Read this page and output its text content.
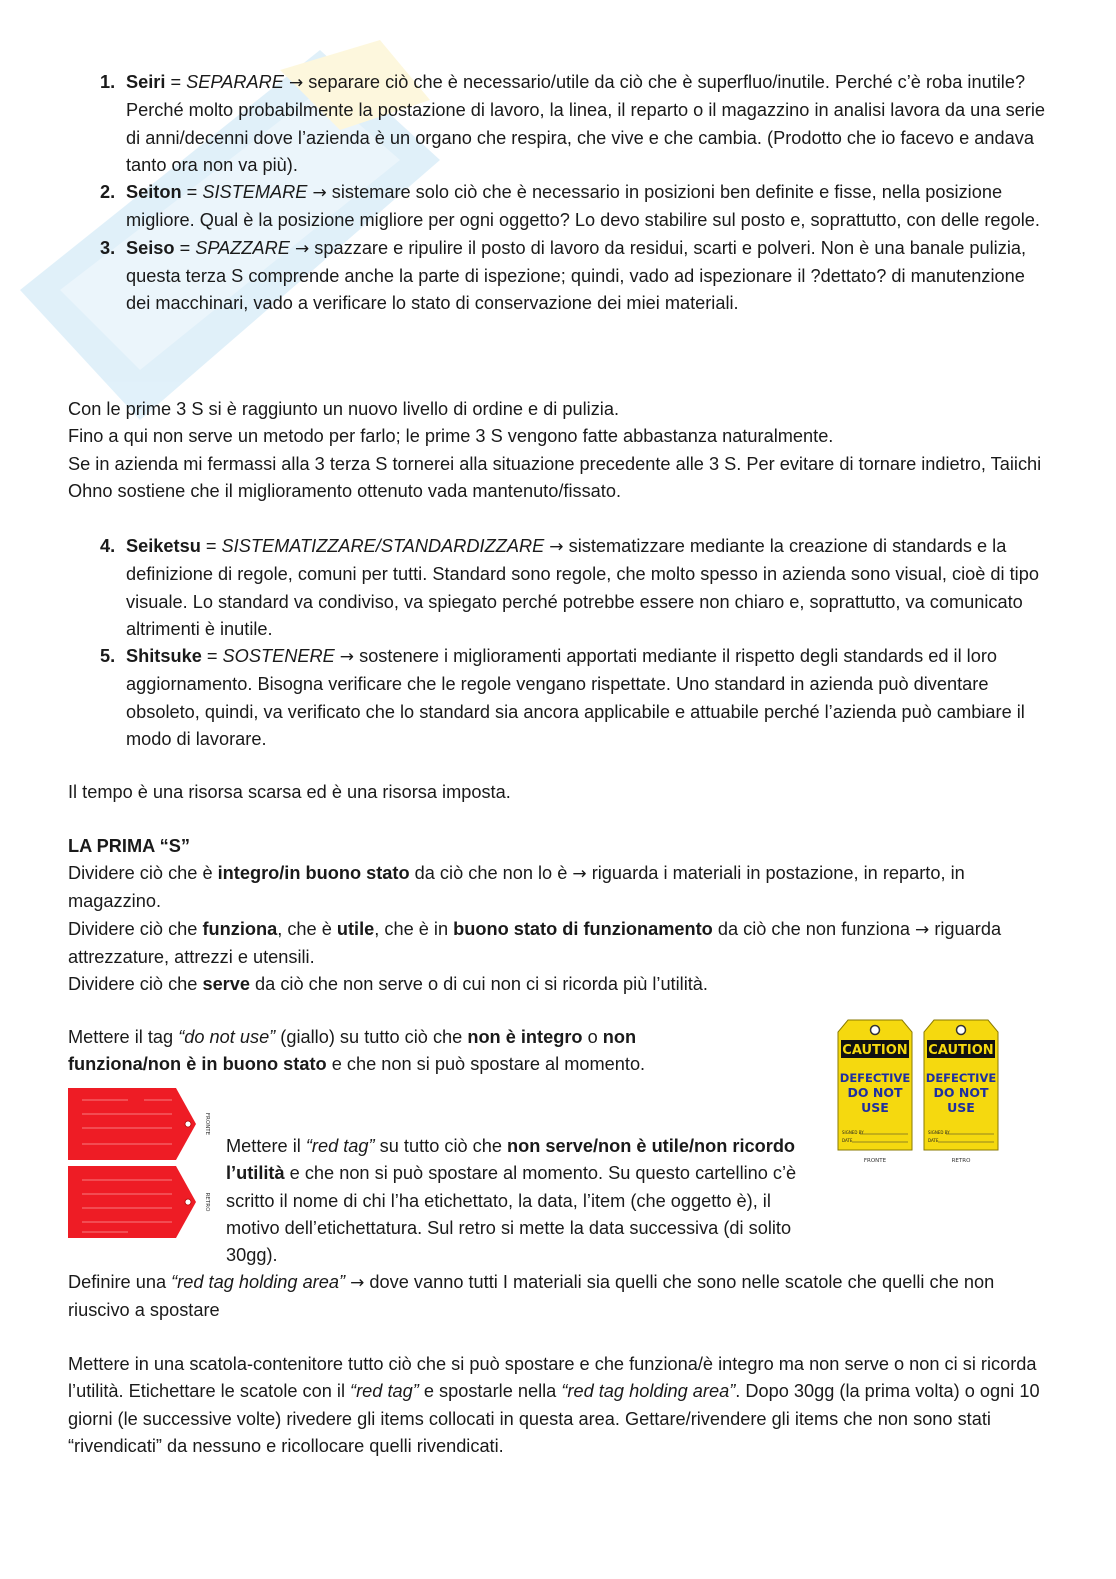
1. Seiri = SEPARARE → separare ciò che è necessario/utile da ciò che è superfluo/inutile. Perché c’è roba inutile? Perché molto probabilmente la postazione di lavoro, la linea, il reparto o il magazzino in analisi lavora da una serie di anni/decenni dove l’azienda è un organo che respira, che vive e che cambia. (Prodotto che io facevo e andava tanto ora non va più).
2. Seiton = SISTEMARE → sistemare solo ciò che è necessario in posizioni ben definite e fisse, nella posizione migliore. Qual è la posizione migliore per ogni oggetto? Lo devo stabilire sul posto e, soprattutto, con delle regole.
3. Seiso = SPAZZARE → spazzare e ripulire il posto di lavoro da residui, scarti e polveri. Non è una banale pulizia, questa terza S comprende anche la parte di ispezione; quindi, vado ad ispezionare il ?dettato? di manutenzione dei macchinari, vado a verificare lo stato di conservazione dei miei materiali.
Con le prime 3 S si è raggiunto un nuovo livello di ordine e di pulizia.
Fino a qui non serve un metodo per farlo; le prime 3 S vengono fatte abbastanza naturalmente.
Se in azienda mi fermassi alla 3 terza S tornerei alla situazione precedente alle 3 S. Per evitare di tornare indietro, Taiichi Ohno sostiene che il miglioramento ottenuto vada mantenuto/fissato.
4. Seiketsu = SISTEMATIZZARE/STANDARDIZZARE → sistematizzare mediante la creazione di standards e la definizione di regole, comuni per tutti. Standard sono regole, che molto spesso in azienda sono visual, cioè di tipo visuale. Lo standard va condiviso, va spiegato perché potrebbe essere non chiaro e, soprattutto, va comunicato altrimenti è inutile.
5. Shitsuke = SOSTENERE → sostenere i miglioramenti apportati mediante il rispetto degli standards ed il loro aggiornamento. Bisogna verificare che le regole vengano rispettate. Uno standard in azienda può diventare obsoleto, quindi, va verificato che lo standard sia ancora applicabile e attuabile perché l’azienda può cambiare il modo di lavorare.
Il tempo è una risorsa scarsa ed è una risorsa imposta.
LA PRIMA “S”
Dividere ciò che è integro/in buono stato da ciò che non lo è → riguarda i materiali in postazione, in reparto, in magazzino.
Dividere ciò che funziona, che è utile, che è in buono stato di funzionamento da ciò che non funziona → riguarda attrezzature, attrezzi e utensili.
Dividere ciò che serve da ciò che non serve o di cui non ci si ricorda più l’utilità.
Mettere il tag “do not use” (giallo) su tutto ciò che non è integro o non funziona/non è in buono stato e che non si può spostare al momento.
CAUTION
DEFECTIVE
DO NOT
USE
SIGNED BY
DATE
FRONTE
CAUTION
DEFECTIVE
DO NOT
USE
SIGNED BY
DATE
RETRO
FRONTE
RETRO
Mettere il “red tag” su tutto ciò che non serve/non è utile/non ricordo l’utilità e che non si può spostare al momento. Su questo cartellino c’è scritto il nome di chi l’ha etichettato, la data, l’item (che oggetto è), il motivo dell’etichettatura. Sul retro si mette la data successiva (di solito 30gg).
Definire una “red tag holding area” → dove vanno tutti I materiali sia quelli che sono nelle scatole che quelli che non riuscivo a spostare
Mettere in una scatola-contenitore tutto ciò che si può spostare e che funziona/è integro ma non serve o non ci si ricorda l’utilità. Etichettare le scatole con il “red tag” e spostarle nella “red tag holding area”. Dopo 30gg (la prima volta) o ogni 10 giorni (le successive volte) rivedere gli items collocati in questa area. Gettare/rivendere gli items che non sono stati “rivendicati” da nessuno e ricollocare quelli rivendicati.
